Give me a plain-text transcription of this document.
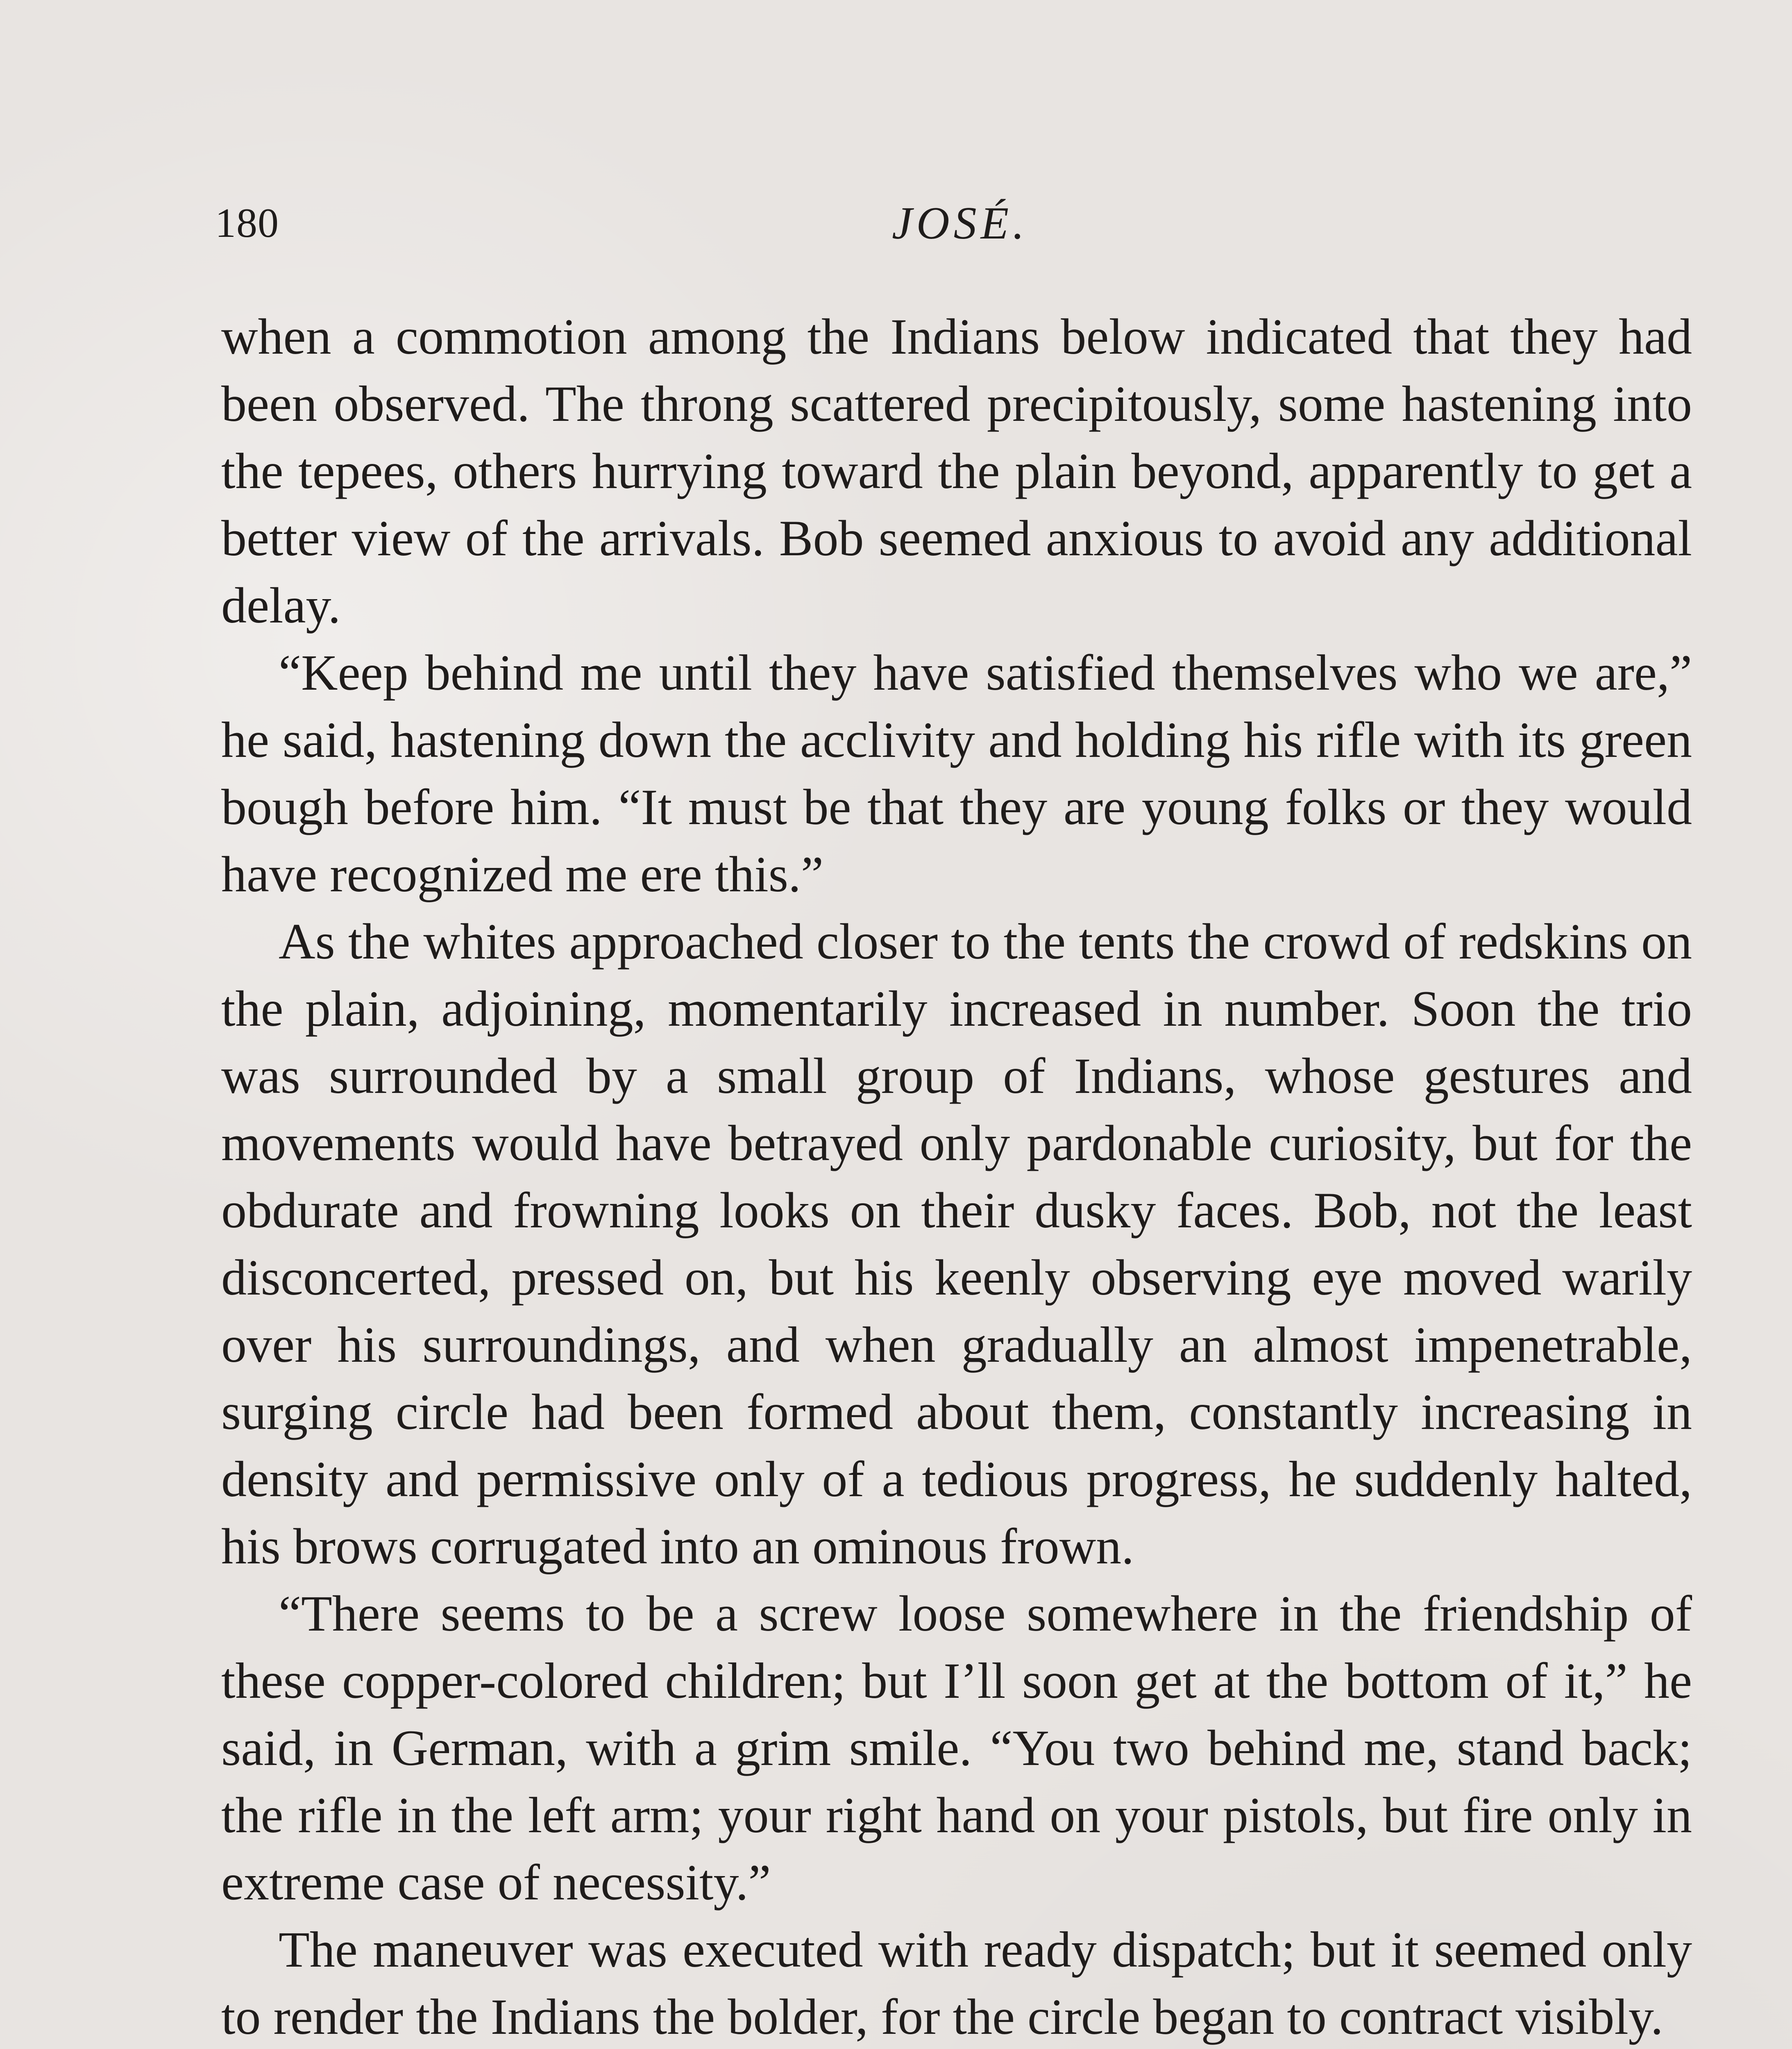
180	JOSÉ.

when a commotion among the Indians below indicated that they had been observed. The throng scattered precipitously, some hastening into the tepees, others hurrying toward the plain beyond, apparently to get a better view of the arrivals. Bob seemed anxious to avoid any additional delay.

“Keep behind me until they have satisfied themselves who we are,” he said, hastening down the acclivity and holding his rifle with its green bough before him. “It must be that they are young folks or they would have recognized me ere this.”

As the whites approached closer to the tents the crowd of redskins on the plain, adjoining, momentarily increased in number. Soon the trio was surrounded by a small group of Indians, whose gestures and movements would have betrayed only pardonable curiosity, but for the obdurate and frowning looks on their dusky faces. Bob, not the least disconcerted, pressed on, but his keenly observing eye moved warily over his surroundings, and when gradually an almost impenetrable, surging circle had been formed about them, constantly increasing in density and permissive only of a tedious progress, he suddenly halted, his brows corrugated into an ominous frown.

“There seems to be a screw loose somewhere in the friendship of these copper-colored children; but I’ll soon get at the bottom of it,” he said, in German, with a grim smile. “You two behind me, stand back; the rifle in the left arm; your right hand on your pistols, but fire only in extreme case of necessity.”

The maneuver was executed with ready dispatch; but it seemed only to render the Indians the bolder, for the circle began to contract visibly.
